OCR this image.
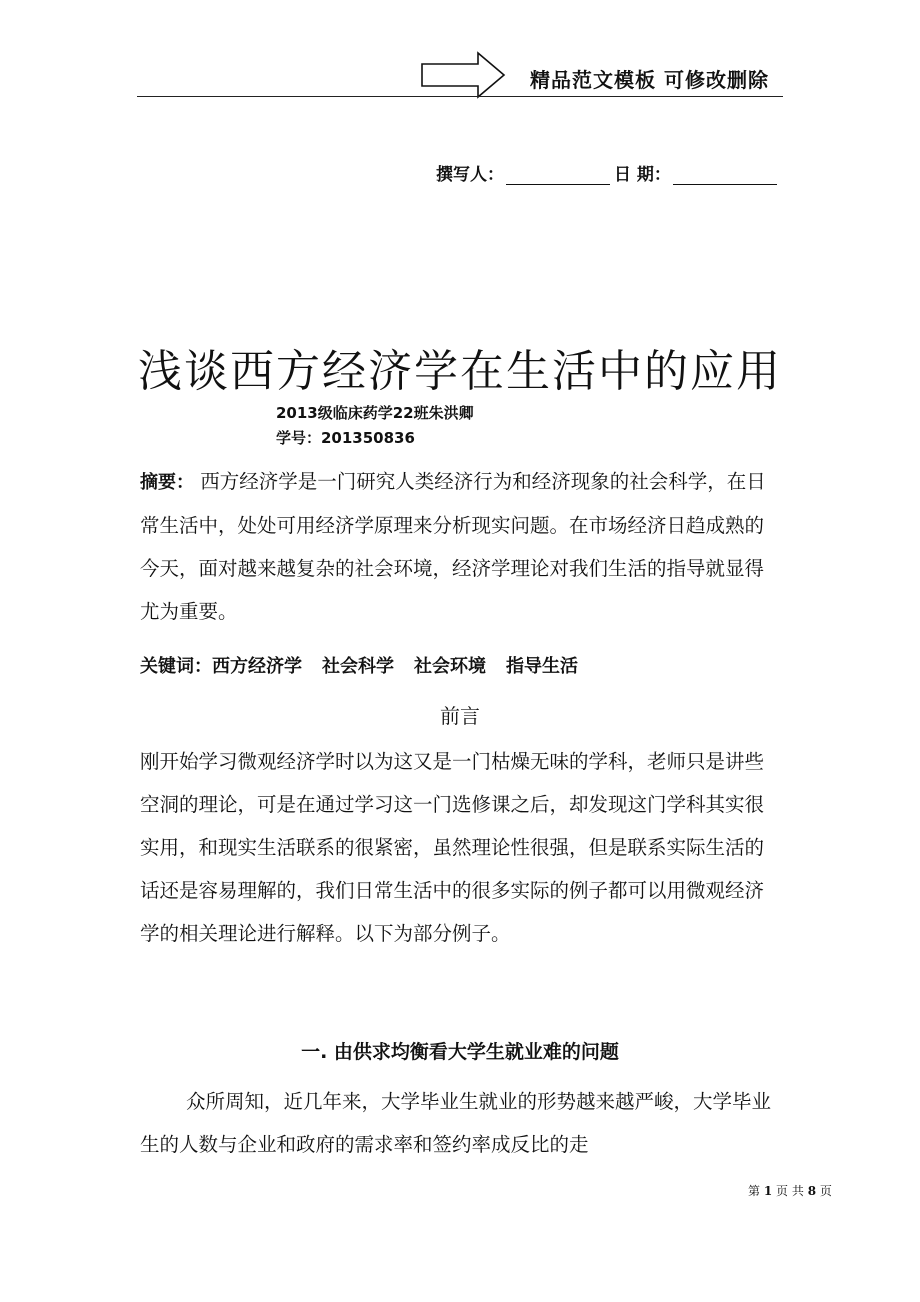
精品范文模板 可修改删除
撰写人：	日 期：
浅谈西方经济学在生活中的应用
2013级临床药学22班朱洪卿
学号：201350836
摘要： 西方经济学是一门研究人类经济行为和经济现象的社会科学，在日常生活中，处处可用经济学原理来分析现实问题。在市场经济日趋成熟的今天，面对越来越复杂的社会环境，经济学理论对我们生活的指导就显得尤为重要。
关键词：西方经济学 社会科学 社会环境 指导生活
前言
刚开始学习微观经济学时以为这又是一门枯燥无味的学科，老师只是讲些空洞的理论，可是在通过学习这一门选修课之后，却发现这门学科其实很实用，和现实生活联系的很紧密，虽然理论性很强，但是联系实际生活的话还是容易理解的，我们日常生活中的很多实际的例子都可以用微观经济学的相关理论进行解释。以下为部分例子。
一. 由供求均衡看大学生就业难的问题
众所周知，近几年来，大学毕业生就业的形势越来越严峻，大学毕业生的人数与企业和政府的需求率和签约率成反比的走
第 1 页 共 8 页
